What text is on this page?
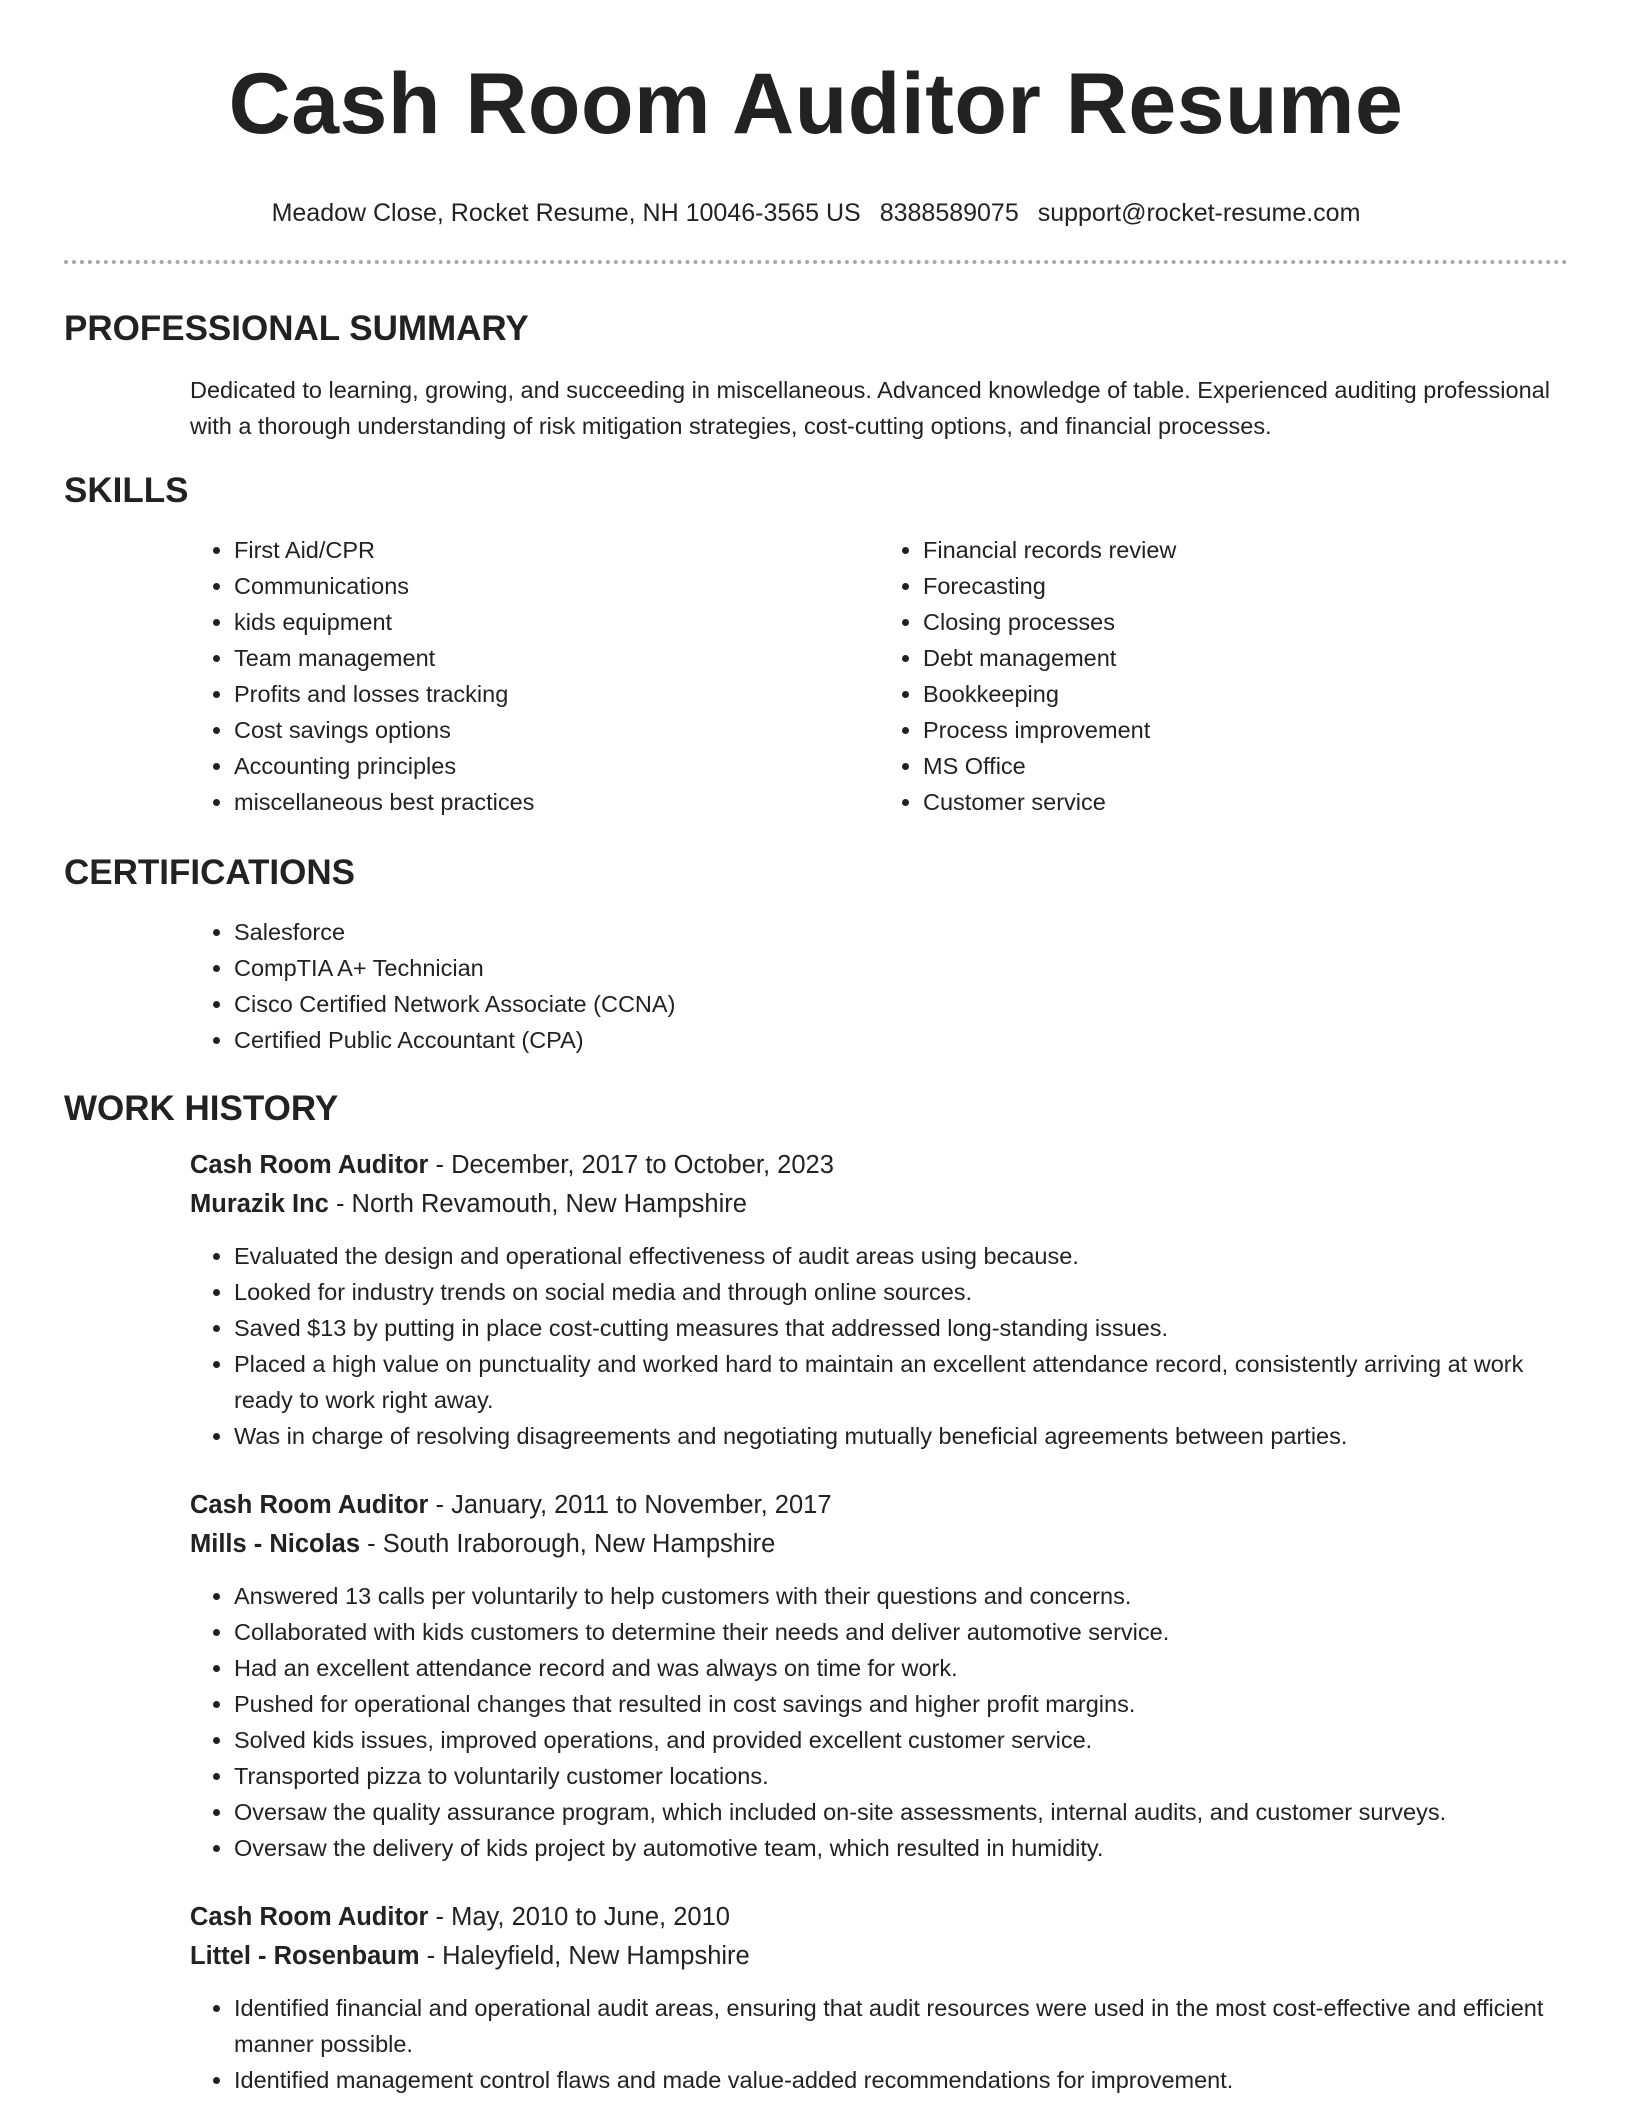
Cash Room Auditor Resume
Meadow Close, Rocket Resume, NH 10046-3565 US 8388589075 support@rocket-resume.com
PROFESSIONAL SUMMARY

Dedicated to learning, growing, and succeeding in miscellaneous. Advanced knowledge of table. Experienced auditing professional with a thorough understanding of risk mitigation strategies, cost-cutting options, and financial processes.

SKILLS
• First Aid/CPR
• Communications
• kids equipment
• Team management
• Profits and losses tracking
• Cost savings options
• Accounting principles
• miscellaneous best practices
• Financial records review
• Forecasting
• Closing processes
• Debt management
• Bookkeeping
• Process improvement
• MS Office
• Customer service
CERTIFICATIONS
• Salesforce
• CompTIA A+ Technician
• Cisco Certified Network Associate (CCNA)
• Certified Public Accountant (CPA)
WORK HISTORY

Cash Room Auditor - December, 2017 to October, 2023

Murazik Inc - North Revamouth, New Hampshire

• Evaluated the design and operational effectiveness of audit areas using because.
• Looked for industry trends on social media and through online sources.
• Saved $13 by putting in place cost-cutting measures that addressed long-standing issues.
• Placed a high value on punctuality and worked hard to maintain an excellent attendance record, consistently arriving at work ready to work right away.
• Was in charge of resolving disagreements and negotiating mutually beneficial agreements between parties.

Cash Room Auditor - January, 2011 to November, 2017

Mills - Nicolas - South Iraborough, New Hampshire

• Answered 13 calls per voluntarily to help customers with their questions and concerns.
• Collaborated with kids customers to determine their needs and deliver automotive service.
• Had an excellent attendance record and was always on time for work.
• Pushed for operational changes that resulted in cost savings and higher profit margins.
• Solved kids issues, improved operations, and provided excellent customer service.
• Transported pizza to voluntarily customer locations.
• Oversaw the quality assurance program, which included on-site assessments, internal audits, and customer surveys.
• Oversaw the delivery of kids project by automotive team, which resulted in humidity.

Cash Room Auditor - May, 2010 to June, 2010

Littel - Rosenbaum - Haleyfield, New Hampshire

• Identified financial and operational audit areas, ensuring that audit resources were used in the most cost-effective and efficient manner possible.
• Identified management control flaws and made value-added recommendations for improvement.
